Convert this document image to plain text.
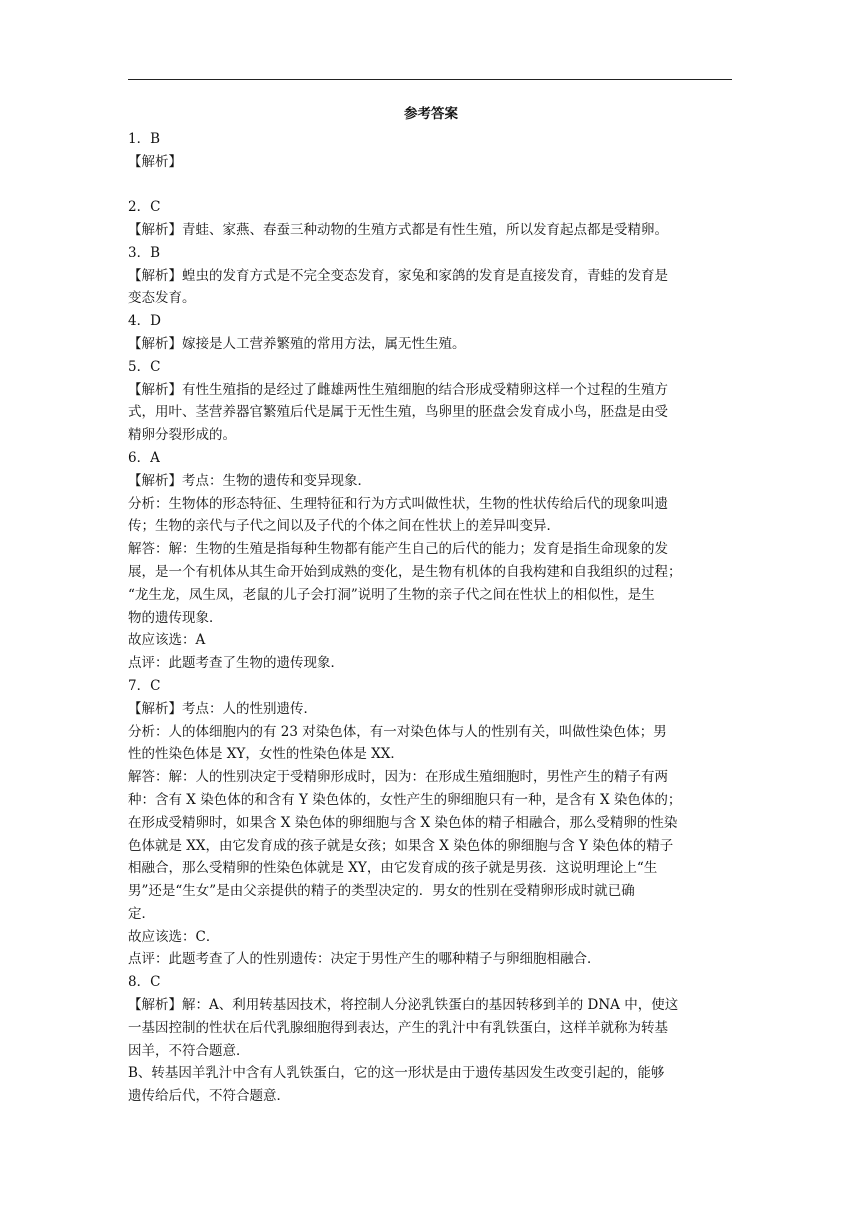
参考答案
1．B
【解析】
2．C
【解析】青蛙、家燕、春蚕三种动物的生殖方式都是有性生殖，所以发育起点都是受精卵。
3．B
【解析】蝗虫的发育方式是不完全变态发育，家兔和家鸽的发育是直接发育，青蛙的发育是
变态发育。
4．D
【解析】嫁接是人工营养繁殖的常用方法，属无性生殖。
5．C
【解析】有性生殖指的是经过了雌雄两性生殖细胞的结合形成受精卵这样一个过程的生殖方
式，用叶、茎营养器官繁殖后代是属于无性生殖，鸟卵里的胚盘会发育成小鸟，胚盘是由受
精卵分裂形成的。
6．A
【解析】考点：生物的遗传和变异现象．
分析：生物体的形态特征、生理特征和行为方式叫做性状，生物的性状传给后代的现象叫遗
传；生物的亲代与子代之间以及子代的个体之间在性状上的差异叫变异．
解答：解：生物的生殖是指每种生物都有能产生自己的后代的能力；发育是指生命现象的发
展，是一个有机体从其生命开始到成熟的变化，是生物有机体的自我构建和自我组织的过程；
“龙生龙，凤生凤，老鼠的儿子会打洞”说明了生物的亲子代之间在性状上的相似性，是生
物的遗传现象．
故应该选：A
点评：此题考查了生物的遗传现象．
7．C
【解析】考点：人的性别遗传．
分析：人的体细胞内的有 23 对染色体，有一对染色体与人的性别有关，叫做性染色体；男
性的性染色体是 XY，女性的性染色体是 XX．
解答：解：人的性别决定于受精卵形成时，因为：在形成生殖细胞时，男性产生的精子有两
种：含有 X 染色体的和含有 Y 染色体的，女性产生的卵细胞只有一种，是含有 X 染色体的；
在形成受精卵时，如果含 X 染色体的卵细胞与含 X 染色体的精子相融合，那么受精卵的性染
色体就是 XX，由它发育成的孩子就是女孩；如果含 X 染色体的卵细胞与含 Y 染色体的精子
相融合，那么受精卵的性染色体就是 XY，由它发育成的孩子就是男孩．这说明理论上“生
男”还是“生女”是由父亲提供的精子的类型决定的．男女的性别在受精卵形成时就已确
定．
故应该选：C．
点评：此题考查了人的性别遗传：决定于男性产生的哪种精子与卵细胞相融合．
8．C
【解析】解：A、利用转基因技术，将控制人分泌乳铁蛋白的基因转移到羊的 DNA 中，使这
一基因控制的性状在后代乳腺细胞得到表达，产生的乳汁中有乳铁蛋白，这样羊就称为转基
因羊，不符合题意．
B、转基因羊乳汁中含有人乳铁蛋白，它的这一形状是由于遗传基因发生改变引起的，能够
遗传给后代，不符合题意．
